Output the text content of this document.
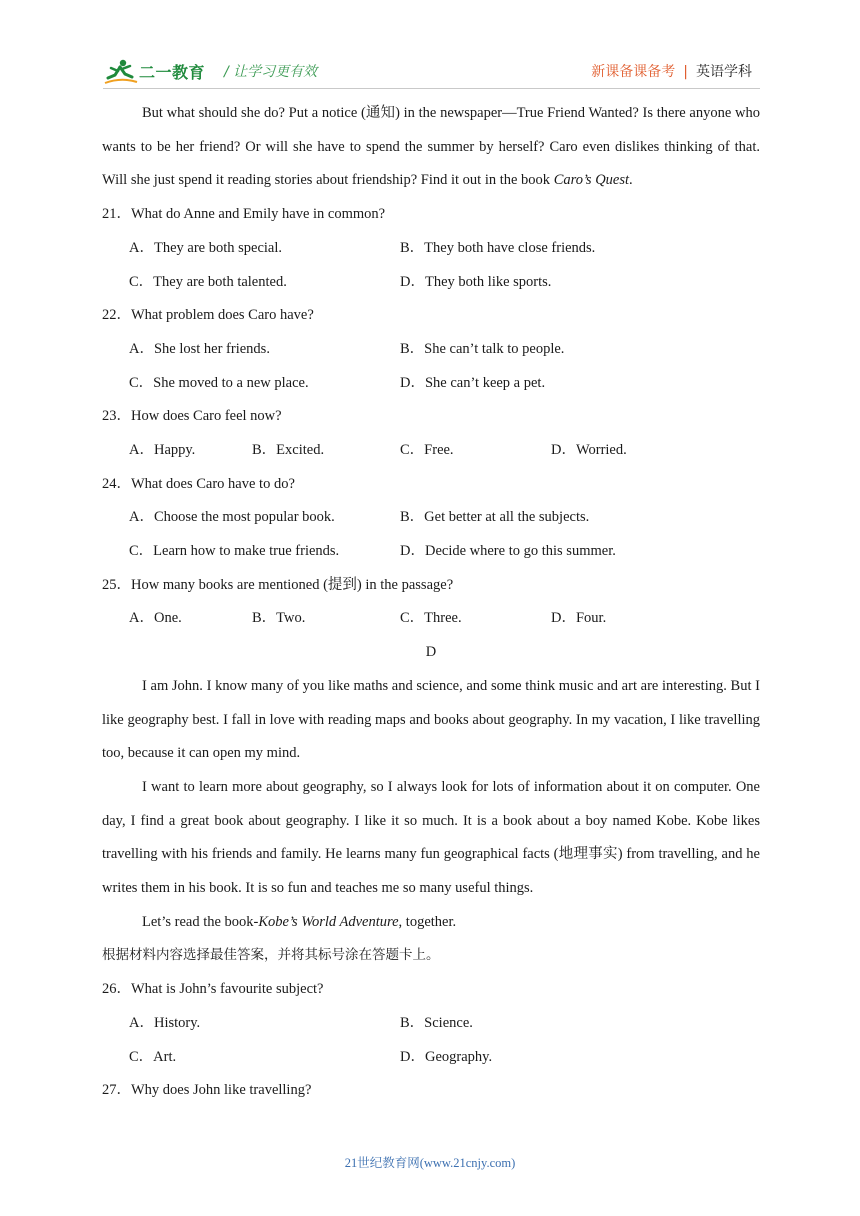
二一教育 / 让学习更有效	新课备课备考 | 英语学科

But what should she do? Put a notice (通知) in the newspaper—True Friend Wanted? Is there anyone who wants to be her friend? Or will she have to spend the summer by herself? Caro even dislikes thinking of that. Will she just spend it reading stories about friendship? Find it out in the book Caro’s Quest.

21．What do Anne and Emily have in common?

A．They are both special.	B．They both have close friends.
C．They are both talented.	D．They both like sports.

22．What problem does Caro have?

A．She lost her friends.	B．She can’t talk to people.
C．She moved to a new place.	D．She can’t keep a pet.

23．How does Caro feel now?

A．Happy.	B．Excited.	C．Free.	D．Worried.

24．What does Caro have to do?

A．Choose the most popular book.	B．Get better at all the subjects.
C．Learn how to make true friends.	D．Decide where to go this summer.

25．How many books are mentioned (提到) in the passage?

A．One.	B．Two.	C．Three.	D．Four.

D

I am John. I know many of you like maths and science, and some think music and art are interesting. But I like geography best. I fall in love with reading maps and books about geography. In my vacation, I like travelling too, because it can open my mind.

I want to learn more about geography, so I always look for lots of information about it on computer. One day, I find a great book about geography. I like it so much. It is a book about a boy named Kobe. Kobe likes travelling with his friends and family. He learns many fun geographical facts (地理事实) from travelling, and he writes them in his book. It is so fun and teaches me so many useful things.

Let’s read the book-Kobe’s World Adventure, together.

根据材料内容选择最佳答案，并将其标号涂在答题卡上。

26．What is John’s favourite subject?

A．History.	B．Science.
C．Art.	D．Geography.

27．Why does John like travelling?

21世纪教育网(www.21cnjy.com)
